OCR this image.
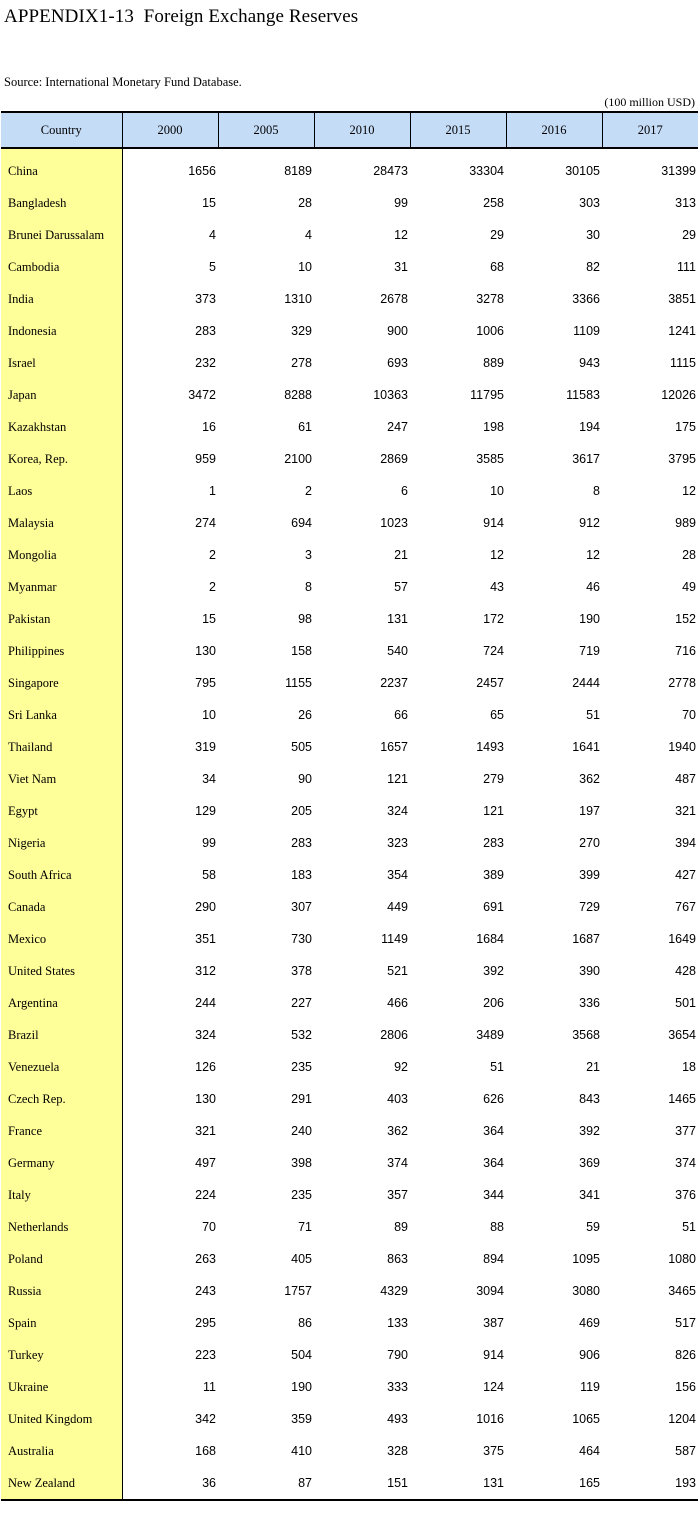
APPENDIX1-13  Foreign Exchange Reserves
Source: International Monetary Fund Database.
(100 million USD)
Country	2000	2005	2010	2015	2016	2017
China	1656	8189	28473	33304	30105	31399
Bangladesh	15	28	99	258	303	313
Brunei Darussalam	4	4	12	29	30	29
Cambodia	5	10	31	68	82	111
India	373	1310	2678	3278	3366	3851
Indonesia	283	329	900	1006	1109	1241
Israel	232	278	693	889	943	1115
Japan	3472	8288	10363	11795	11583	12026
Kazakhstan	16	61	247	198	194	175
Korea, Rep.	959	2100	2869	3585	3617	3795
Laos	1	2	6	10	8	12
Malaysia	274	694	1023	914	912	989
Mongolia	2	3	21	12	12	28
Myanmar	2	8	57	43	46	49
Pakistan	15	98	131	172	190	152
Philippines	130	158	540	724	719	716
Singapore	795	1155	2237	2457	2444	2778
Sri Lanka	10	26	66	65	51	70
Thailand	319	505	1657	1493	1641	1940
Viet Nam	34	90	121	279	362	487
Egypt	129	205	324	121	197	321
Nigeria	99	283	323	283	270	394
South Africa	58	183	354	389	399	427
Canada	290	307	449	691	729	767
Mexico	351	730	1149	1684	1687	1649
United States	312	378	521	392	390	428
Argentina	244	227	466	206	336	501
Brazil	324	532	2806	3489	3568	3654
Venezuela	126	235	92	51	21	18
Czech Rep.	130	291	403	626	843	1465
France	321	240	362	364	392	377
Germany	497	398	374	364	369	374
Italy	224	235	357	344	341	376
Netherlands	70	71	89	88	59	51
Poland	263	405	863	894	1095	1080
Russia	243	1757	4329	3094	3080	3465
Spain	295	86	133	387	469	517
Turkey	223	504	790	914	906	826
Ukraine	11	190	333	124	119	156
United Kingdom	342	359	493	1016	1065	1204
Australia	168	410	328	375	464	587
New Zealand	36	87	151	131	165	193
